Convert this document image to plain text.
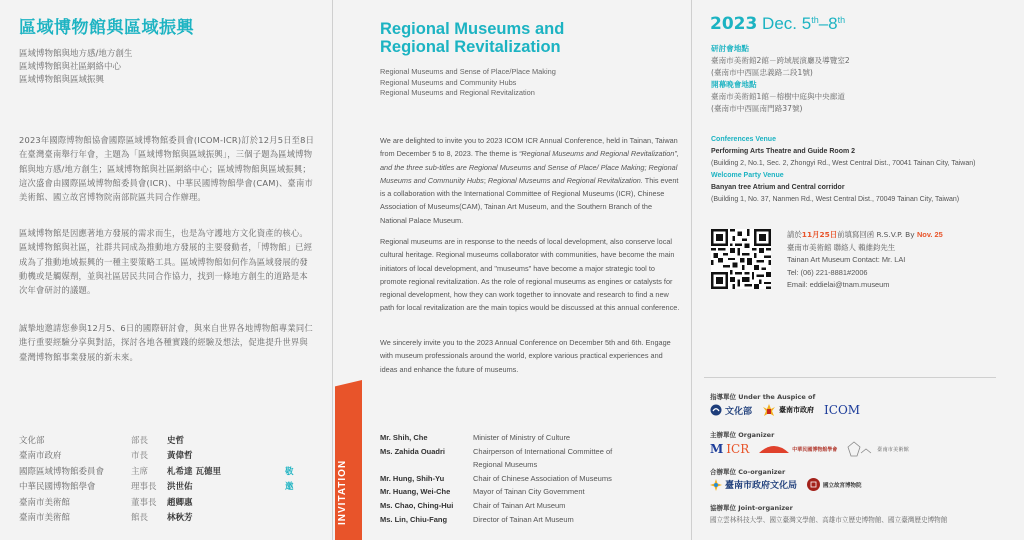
區域博物館與區域振興
區域博物館與地方感/地方創生
區域博物館與社區網絡中心
區域博物館與區域振興

2023年國際博物館協會國際區域博物館委員會(ICOM-ICR)訂於12月5日至8日在臺灣臺南舉行年會，主題為「區域博物館與區域振興」，三個子題為區域博物館與地方感/地方創生；區域博物館與社區網絡中心；區域博物館與區域振興；這次盛會由國際區域博物館委員會(ICR)、中華民國博物館學會(CAM)、臺南市美術館、國立故宮博物院南部院區共同合作辦理。

區域博物館是因應著地方發展的需求而生，也是為守護地方文化資產的核心。區域博物館與社區，社群共同成為推動地方發展的主要發動者，「博物館」已經成為了推動地域振興的一種主要策略工具。區域博物館如何作為區域發展的發動機或是觸媒劑，並與社區居民共同合作協力，找到一條地方創生的道路是本次年會研討的議題。

誠摯地邀請您參與12月5、6日的國際研討會，與來自世界各地博物館專業同仁進行重要經驗分享與對話，探討各地各種實踐的經驗及想法，促進提升世界與臺灣博物館事業發展的新未來。

文化部	部長	史哲
臺南市政府	市長	黃偉哲
國際區域博物館委員會	主席	札希達 瓦德里	敬
中華民國博物館學會	理事長	洪世佑	邀
臺南市美術館	董事長	趙卿惠
臺南市美術館	館長	林秋芳
Regional Museums and
Regional Revitalization
Regional Museums and Sense of Place/Place Making
Regional Museums and Community Hubs
Regional Museums and Regional Revitalization

We are delighted to invite you to 2023 ICOM ICR Annual Conference, held in Tainan, Taiwan from December 5 to 8, 2023. The theme is “Regional Museums and Regional Revitalization”, and the three sub-titles are Regional Museums and Sense of Place/ Place Making; Regional Museums and Community Hubs; Regional Museums and Regional Revitalization. This event is a collaboration with the International Committee of Regional Museums (ICR), Chinese Association of Museums(CAM), Tainan Art Museum, and the Southern Branch of the National Palace Museum.

Regional museums are in response to the needs of local development, also conserve local cultural heritage. Regional museums collaborator with communities, have become the main initiators of local development, and "museums" have become a major strategic tool to promote regional revitalization. As the role of regional museums as engines or catalysts for regional development, how they can work together to innovate and research to find a new path for local revitalization are the main topics would be discussed at this annual conference.

We sincerely invite you to the 2023 Annual Conference on December 5th and 6th. Engage with museum professionals around the world, explore various practical experiences and ideas and enhance the future of museums.

INVITATION
Mr. Shih, Che	Minister of Ministry of Culture
Ms. Zahida Ouadri	Chairperson of International Committee of
Regional Museums
Mr. Hung, Shih-Yu	Chair of Chinese Association of Museums
Mr. Huang, Wei-Che	Mayor of Tainan City Government
Ms. Chao, Ching-Hui	Chair of Tainan Art Museum
Ms. Lin, Chiu-Fang	Director of Tainan Art Museum
2023 Dec. 5th–8th
研討會地點
臺南市美術館2館－跨域展演廳及導覽室2
(臺南市中西區忠義路二段1號)
開幕晚會地點
臺南市美術館1館－榕樹中庭與中央廊道
(臺南市中西區南門路37號)
Conferences Venue
Performing Arts Theatre and Guide Room 2
(Building 2, No.1, Sec. 2, Zhongyi Rd., West Central Dist., 70041 Tainan City, Taiwan)
Welcome Party Venue
Banyan tree Atrium and Central corridor
(Building 1, No. 37, Nanmen Rd., West Central Dist., 70049 Tainan City, Taiwan)
請於11月25日前填寫回函 R.S.V.P. By Nov. 25
臺南市美術館 聯絡人 賴維鈞先生
Tainan Art Museum Contact: Mr. LAI
Tel: (06) 221-8881#2006
Email: eddielai@tnam.museum
指導單位 Under the Auspice of
文化部	臺南市政府 ICOM
主辦單位 Organizer
M ICR	中華民國博物館學會	臺南市美術館
合辦單位 Co-organizer
臺南市政府文化局	國立故宮博物院
協辦單位 Joint-organizer
國立雲林科技大學、國立臺灣文學館、高雄市立歷史博物館、國立臺灣歷史博物館
